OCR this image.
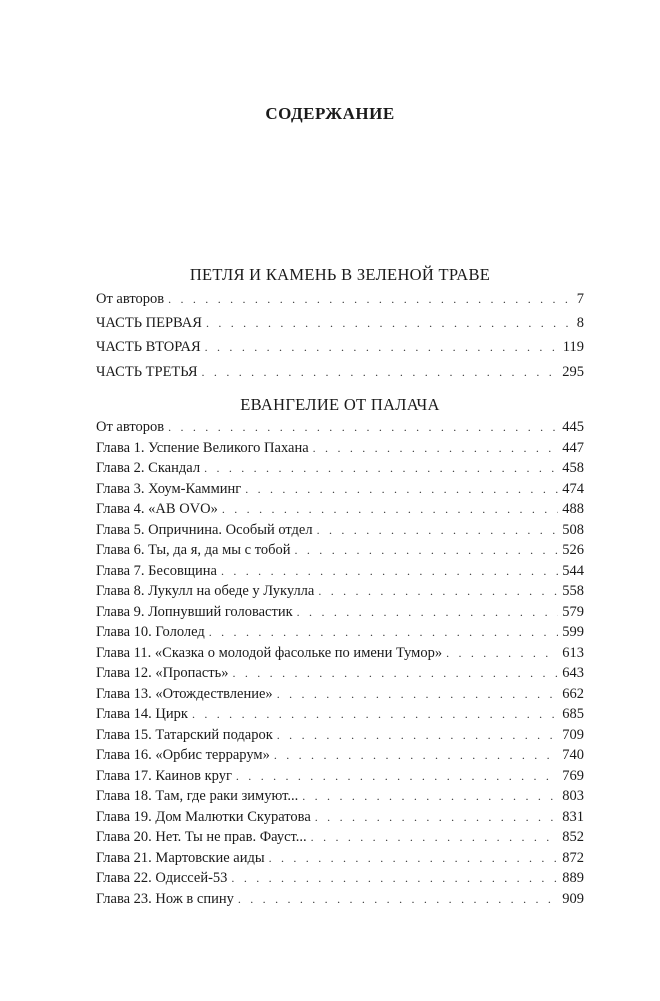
СОДЕРЖАНИЕ
ПЕТЛЯ И КАМЕНЬ В ЗЕЛЕНОЙ ТРАВЕ
От авторов . . .	7
ЧАСТЬ ПЕРВАЯ . . .	8
ЧАСТЬ ВТОРАЯ . . .	119
ЧАСТЬ ТРЕТЬЯ . . .	295
ЕВАНГЕЛИЕ ОТ ПАЛАЧА
От авторов . . .	445
Глава 1. Успение Великого Пахана . . .	447
Глава 2. Скандал . . .	458
Глава 3. Хоум-Камминг . . .	474
Глава 4. «AB OVO» . . .	488
Глава 5. Опричнина. Особый отдел . . .	508
Глава 6. Ты, да я, да мы с тобой . . .	526
Глава 7. Бесовщина . . .	544
Глава 8. Лукулл на обеде у Лукулла . . .	558
Глава 9. Лопнувший головастик . . .	579
Глава 10. Гололед . . .	599
Глава 11. «Сказка о молодой фасольке по имени Тумор» . . .	613
Глава 12. «Пропасть» . . .	643
Глава 13. «Отождествление» . . .	662
Глава 14. Цирк . . .	685
Глава 15. Татарский подарок . . .	709
Глава 16. «Орбис террарум» . . .	740
Глава 17. Каинов круг . . .	769
Глава 18. Там, где раки зимуют... . . .	803
Глава 19. Дом Малютки Скуратова . . .	831
Глава 20. Нет. Ты не прав. Фауст... . . .	852
Глава 21. Мартовские аиды . . .	872
Глава 22. Одиссей-53 . . .	889
Глава 23. Нож в спину . . .	909
